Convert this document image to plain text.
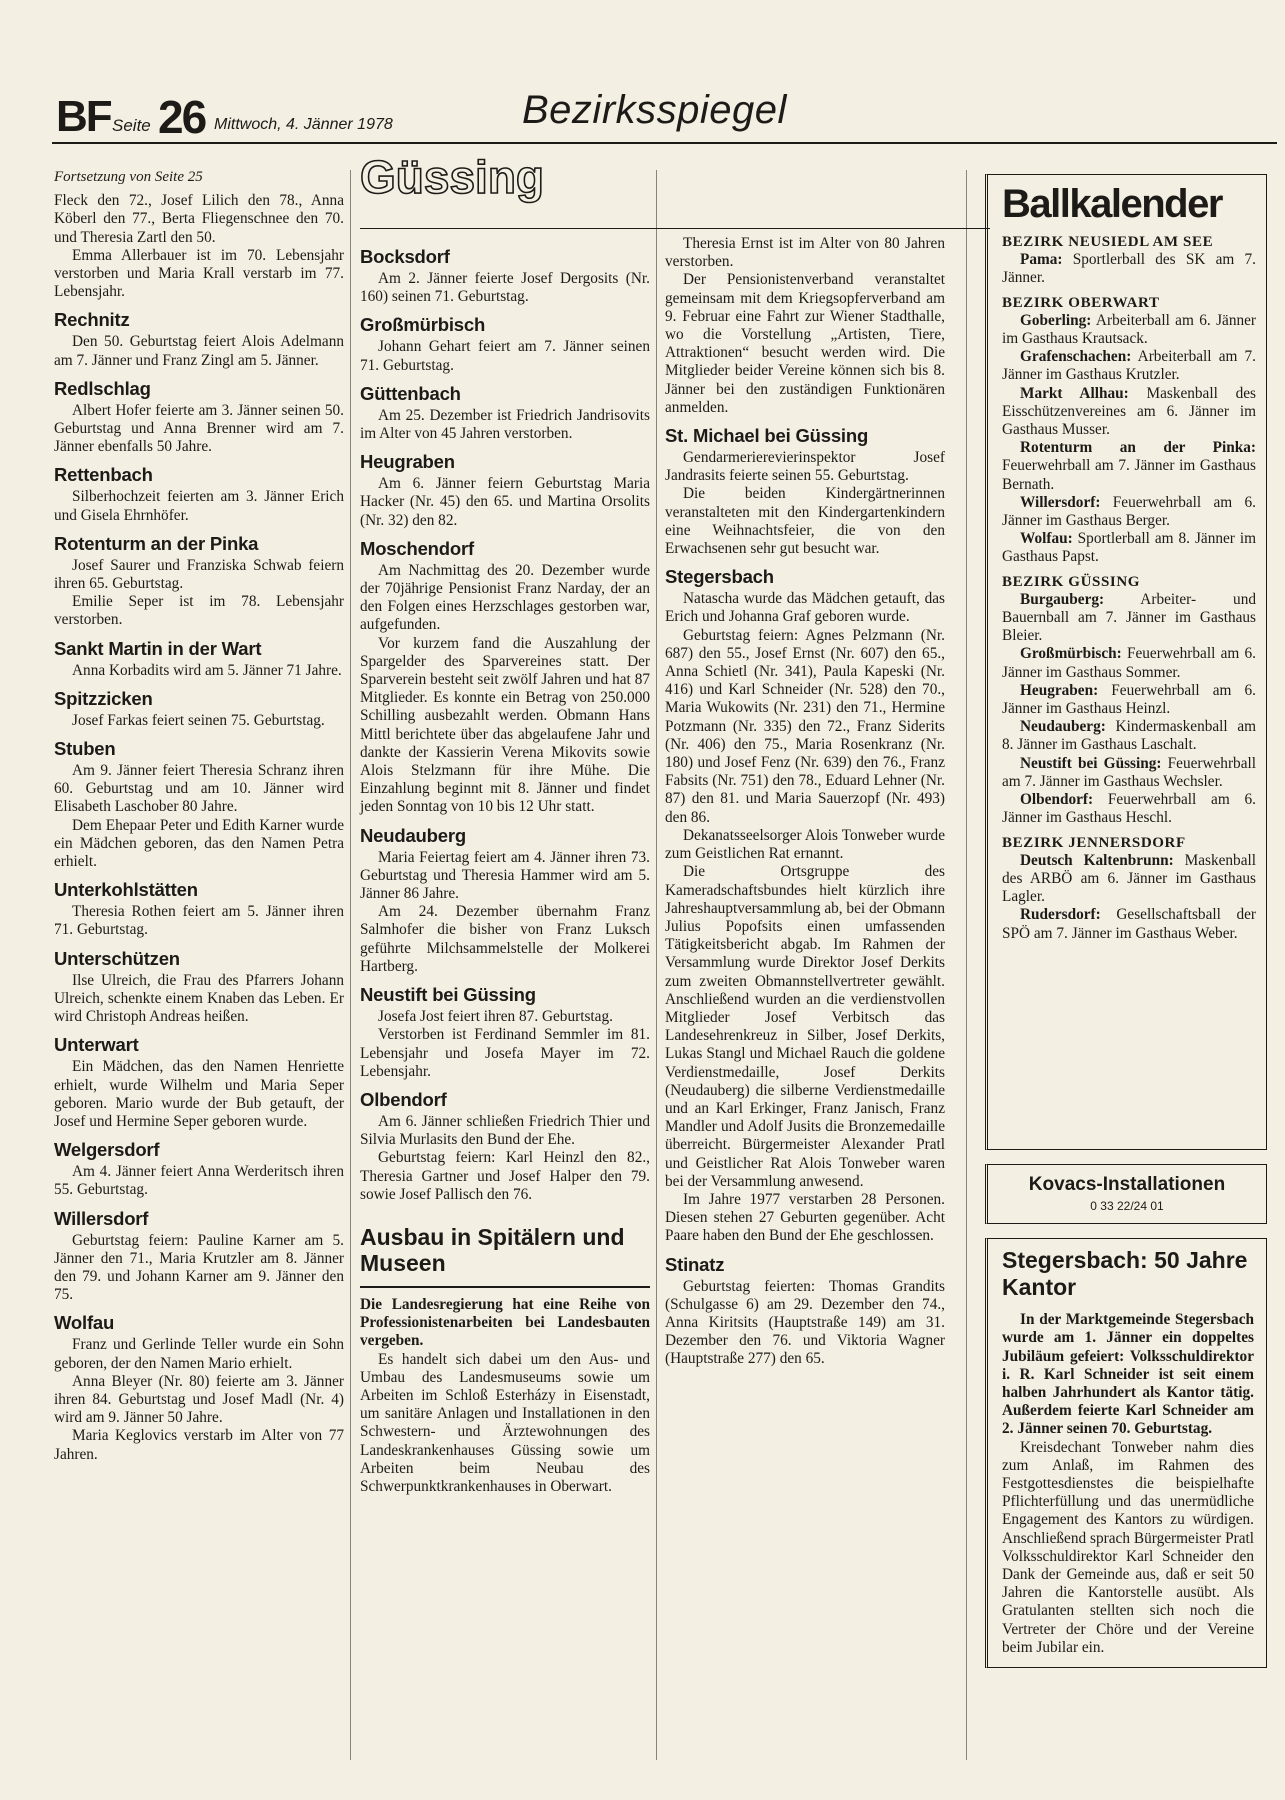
BF Seite 26 Mittwoch, 4. Jänner 1978	Bezirksspiegel

Fortsetzung von Seite 25

Fleck den 72., Josef Lilich den 78., Anna Köberl den 77., Berta Fliegenschnee den 70. und Theresia Zartl den 50.

Emma Allerbauer ist im 70. Lebensjahr verstorben und Maria Krall verstarb im 77. Lebensjahr.

Rechnitz

Den 50. Geburtstag feiert Alois Adelmann am 7. Jänner und Franz Zingl am 5. Jänner.

Redlschlag

Albert Hofer feierte am 3. Jänner seinen 50. Geburtstag und Anna Brenner wird am 7. Jänner ebenfalls 50 Jahre.

Rettenbach

Silberhochzeit feierten am 3. Jänner Erich und Gisela Ehrnhöfer.

Rotenturm an der Pinka

Josef Saurer und Franziska Schwab feiern ihren 65. Geburtstag.

Emilie Seper ist im 78. Lebensjahr verstorben.

Sankt Martin in der Wart

Anna Korbadits wird am 5. Jänner 71 Jahre.

Spitzzicken

Josef Farkas feiert seinen 75. Geburtstag.

Stuben

Am 9. Jänner feiert Theresia Schranz ihren 60. Geburtstag und am 10. Jänner wird Elisabeth Laschober 80 Jahre.

Dem Ehepaar Peter und Edith Karner wurde ein Mädchen geboren, das den Namen Petra erhielt.

Unterkohlstätten

Theresia Rothen feiert am 5. Jänner ihren 71. Geburtstag.

Unterschützen

Ilse Ulreich, die Frau des Pfarrers Johann Ulreich, schenkte einem Knaben das Leben. Er wird Christoph Andreas heißen.

Unterwart

Ein Mädchen, das den Namen Henriette erhielt, wurde Wilhelm und Maria Seper geboren. Mario wurde der Bub getauft, der Josef und Hermine Seper geboren wurde.

Welgersdorf

Am 4. Jänner feiert Anna Werderitsch ihren 55. Geburtstag.

Willersdorf

Geburtstag feiern: Pauline Karner am 5. Jänner den 71., Maria Krutzler am 8. Jänner den 79. und Johann Karner am 9. Jänner den 75.

Wolfau

Franz und Gerlinde Teller wurde ein Sohn geboren, der den Namen Mario erhielt.

Anna Bleyer (Nr. 80) feierte am 3. Jänner ihren 84. Geburtstag und Josef Madl (Nr. 4) wird am 9. Jänner 50 Jahre.

Maria Keglovics verstarb im Alter von 77 Jahren.

Güssing
Bocksdorf

Am 2. Jänner feierte Josef Dergosits (Nr. 160) seinen 71. Geburtstag.

Großmürbisch

Johann Gehart feiert am 7. Jänner seinen 71. Geburtstag.

Güttenbach

Am 25. Dezember ist Friedrich Jandrisovits im Alter von 45 Jahren verstorben.

Heugraben

Am 6. Jänner feiern Geburtstag Maria Hacker (Nr. 45) den 65. und Martina Orsolits (Nr. 32) den 82.

Moschendorf

Am Nachmittag des 20. Dezember wurde der 70jährige Pensionist Franz Narday, der an den Folgen eines Herzschlages gestorben war, aufgefunden.

Vor kurzem fand die Auszahlung der Spargelder des Sparvereines statt. Der Sparverein besteht seit zwölf Jahren und hat 87 Mitglieder. Es konnte ein Betrag von 250.000 Schilling ausbezahlt werden. Obmann Hans Mittl berichtete über das abgelaufene Jahr und dankte der Kassierin Verena Mikovits sowie Alois Stelzmann für ihre Mühe. Die Einzahlung beginnt mit 8. Jänner und findet jeden Sonntag von 10 bis 12 Uhr statt.

Neudauberg

Maria Feiertag feiert am 4. Jänner ihren 73. Geburtstag und Theresia Hammer wird am 5. Jänner 86 Jahre.

Am 24. Dezember übernahm Franz Salmhofer die bisher von Franz Luksch geführte Milchsammelstelle der Molkerei Hartberg.

Neustift bei Güssing

Josefa Jost feiert ihren 87. Geburtstag.

Verstorben ist Ferdinand Semmler im 81. Lebensjahr und Josefa Mayer im 72. Lebensjahr.

Olbendorf

Am 6. Jänner schließen Friedrich Thier und Silvia Murlasits den Bund der Ehe.

Geburtstag feiern: Karl Heinzl den 82., Theresia Gartner und Josef Halper den 79. sowie Josef Pallisch den 76.

Ausbau in Spitälern und Museen

Die Landesregierung hat eine Reihe von Professionistenarbeiten bei Landesbauten vergeben.

Es handelt sich dabei um den Aus- und Umbau des Landesmuseums sowie um Arbeiten im Schloß Esterházy in Eisenstadt, um sanitäre Anlagen und Installationen in den Schwestern- und Ärztewohnungen des Landeskrankenhauses Güssing sowie um Arbeiten beim Neubau des Schwerpunktkrankenhauses in Oberwart.

Theresia Ernst ist im Alter von 80 Jahren verstorben.

Der Pensionistenverband veranstaltet gemeinsam mit dem Kriegsopferverband am 9. Februar eine Fahrt zur Wiener Stadthalle, wo die Vorstellung „Artisten, Tiere, Attraktionen“ besucht werden wird. Die Mitglieder beider Vereine können sich bis 8. Jänner bei den zuständigen Funktionären anmelden.

St. Michael bei Güssing

Gendarmerierevierinspektor Josef Jandrasits feierte seinen 55. Geburtstag.

Die beiden Kindergärtnerinnen veranstalteten mit den Kindergartenkindern eine Weihnachtsfeier, die von den Erwachsenen sehr gut besucht war.

Stegersbach

Natascha wurde das Mädchen getauft, das Erich und Johanna Graf geboren wurde.

Geburtstag feiern: Agnes Pelzmann (Nr. 687) den 55., Josef Ernst (Nr. 607) den 65., Anna Schietl (Nr. 341), Paula Kapeski (Nr. 416) und Karl Schneider (Nr. 528) den 70., Maria Wukowits (Nr. 231) den 71., Hermine Potzmann (Nr. 335) den 72., Franz Siderits (Nr. 406) den 75., Maria Rosenkranz (Nr. 180) und Josef Fenz (Nr. 639) den 76., Franz Fabsits (Nr. 751) den 78., Eduard Lehner (Nr. 87) den 81. und Maria Sauerzopf (Nr. 493) den 86.

Dekanatsseelsorger Alois Tonweber wurde zum Geistlichen Rat ernannt.

Die Ortsgruppe des Kameradschaftsbundes hielt kürzlich ihre Jahreshauptversammlung ab, bei der Obmann Julius Popofsits einen umfassenden Tätigkeitsbericht abgab. Im Rahmen der Versammlung wurde Direktor Josef Derkits zum zweiten Obmannstellvertreter gewählt. Anschließend wurden an die verdienstvollen Mitglieder Josef Verbitsch das Landesehrenkreuz in Silber, Josef Derkits, Lukas Stangl und Michael Rauch die goldene Verdienstmedaille, Josef Derkits (Neudauberg) die silberne Verdienstmedaille und an Karl Erkinger, Franz Janisch, Franz Mandler und Adolf Jusits die Bronzemedaille überreicht. Bürgermeister Alexander Pratl und Geistlicher Rat Alois Tonweber waren bei der Versammlung anwesend.

Im Jahre 1977 verstarben 28 Personen. Diesen stehen 27 Geburten gegenüber. Acht Paare haben den Bund der Ehe geschlossen.

Stinatz

Geburtstag feierten: Thomas Grandits (Schulgasse 6) am 29. Dezember den 74., Anna Kiritsits (Hauptstraße 149) am 31. Dezember den 76. und Viktoria Wagner (Hauptstraße 277) den 65.

Ballkalender

BEZIRK NEUSIEDL AM SEE

Pama: Sportlerball des SK am 7. Jänner.

BEZIRK OBERWART

Goberling: Arbeiterball am 6. Jänner im Gasthaus Krautsack.

Grafenschachen: Arbeiterball am 7. Jänner im Gasthaus Krutzler.

Markt Allhau: Maskenball des Eisschützenvereines am 6. Jänner im Gasthaus Musser.

Rotenturm an der Pinka: Feuerwehrball am 7. Jänner im Gasthaus Bernath.

Willersdorf: Feuerwehrball am 6. Jänner im Gasthaus Berger.

Wolfau: Sportlerball am 8. Jänner im Gasthaus Papst.

BEZIRK GÜSSING

Burgauberg: Arbeiter- und Bauernball am 7. Jänner im Gasthaus Bleier.

Großmürbisch: Feuerwehrball am 6. Jänner im Gasthaus Sommer.

Heugraben: Feuerwehrball am 6. Jänner im Gasthaus Heinzl.

Neudauberg: Kindermaskenball am 8. Jänner im Gasthaus Laschalt.

Neustift bei Güssing: Feuerwehrball am 7. Jänner im Gasthaus Wechsler.

Olbendorf: Feuerwehrball am 6. Jänner im Gasthaus Heschl.

BEZIRK JENNERSDORF

Deutsch Kaltenbrunn: Maskenball des ARBÖ am 6. Jänner im Gasthaus Lagler.

Rudersdorf: Gesellschaftsball der SPÖ am 7. Jänner im Gasthaus Weber.

Kovacs-Installationen
0 33 22/24 01
Stegersbach: 50 Jahre Kantor

In der Marktgemeinde Stegersbach wurde am 1. Jänner ein doppeltes Jubiläum gefeiert: Volksschuldirektor i. R. Karl Schneider ist seit einem halben Jahrhundert als Kantor tätig. Außerdem feierte Karl Schneider am 2. Jänner seinen 70. Geburtstag.

Kreisdechant Tonweber nahm dies zum Anlaß, im Rahmen des Festgottesdienstes die beispielhafte Pflichterfüllung und das unermüdliche Engagement des Kantors zu würdigen. Anschließend sprach Bürgermeister Pratl Volksschuldirektor Karl Schneider den Dank der Gemeinde aus, daß er seit 50 Jahren die Kantorstelle ausübt. Als Gratulanten stellten sich noch die Vertreter der Chöre und der Vereine beim Jubilar ein.
